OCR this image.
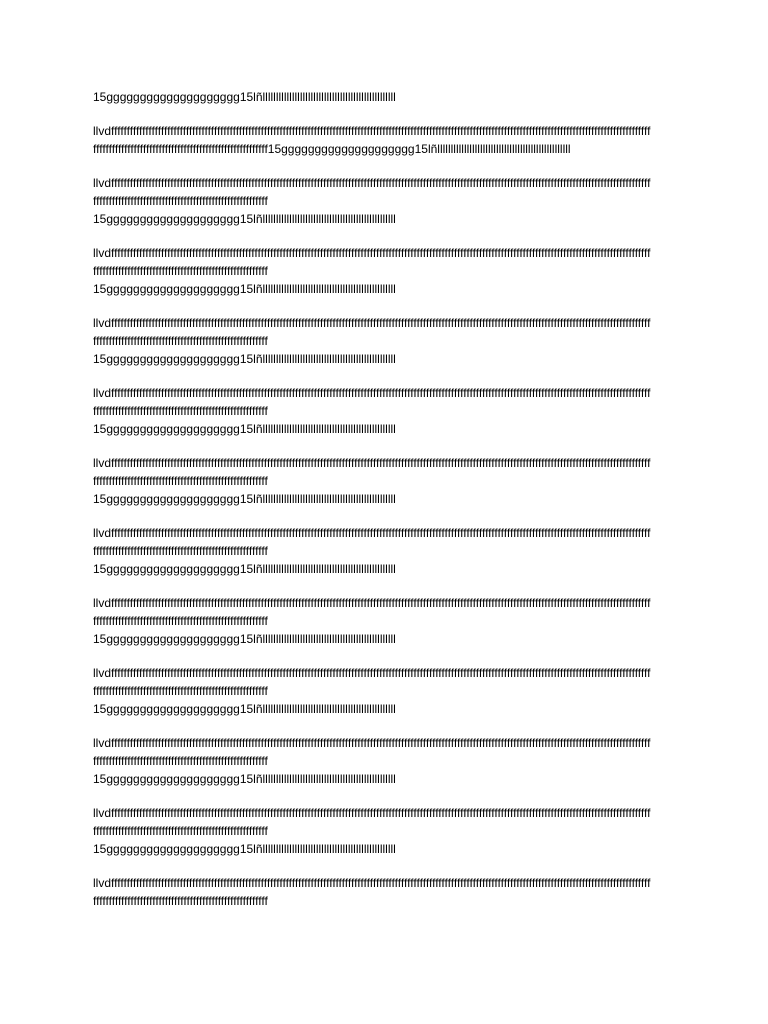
15gggggggggggggggggggg15lñllllllllllllllllllllllllllllllllllllllllllllllllll
llvdfffffffffffffffffffffffffffffffffffffffffffffffffffffffffffffffffffffffffffffffffffffffffffffffffffffffffffffffffffffffffffffffffffffffffffffffffffffffffffffffffffffffffffff
ffffffffffffffffffffffffffffffffffffffffffffffffffffffff15gggggggggggggggggggg15lñllllllllllllllllllllllllllllllllllllllllllllllllll
llvdfffffffffffffffffffffffffffffffffffffffffffffffffffffffffffffffffffffffffffffffffffffffffffffffffffffffffffffffffffffffffffffffffffffffffffffffffffffffffffffffffffffffffffff
ffffffffffffffffffffffffffffffffffffffffffffffffffffffff
15gggggggggggggggggggg15lñllllllllllllllllllllllllllllllllllllllllllllllllll
llvdfffffffffffffffffffffffffffffffffffffffffffffffffffffffffffffffffffffffffffffffffffffffffffffffffffffffffffffffffffffffffffffffffffffffffffffffffffffffffffffffffffffffffffff
ffffffffffffffffffffffffffffffffffffffffffffffffffffffff
15gggggggggggggggggggg15lñllllllllllllllllllllllllllllllllllllllllllllllllll
llvdfffffffffffffffffffffffffffffffffffffffffffffffffffffffffffffffffffffffffffffffffffffffffffffffffffffffffffffffffffffffffffffffffffffffffffffffffffffffffffffffffffffffffffff
ffffffffffffffffffffffffffffffffffffffffffffffffffffffff
15gggggggggggggggggggg15lñllllllllllllllllllllllllllllllllllllllllllllllllll
llvdfffffffffffffffffffffffffffffffffffffffffffffffffffffffffffffffffffffffffffffffffffffffffffffffffffffffffffffffffffffffffffffffffffffffffffffffffffffffffffffffffffffffffffff
ffffffffffffffffffffffffffffffffffffffffffffffffffffffff
15gggggggggggggggggggg15lñllllllllllllllllllllllllllllllllllllllllllllllllll
llvdfffffffffffffffffffffffffffffffffffffffffffffffffffffffffffffffffffffffffffffffffffffffffffffffffffffffffffffffffffffffffffffffffffffffffffffffffffffffffffffffffffffffffffff
ffffffffffffffffffffffffffffffffffffffffffffffffffffffff
15gggggggggggggggggggg15lñllllllllllllllllllllllllllllllllllllllllllllllllll
llvdfffffffffffffffffffffffffffffffffffffffffffffffffffffffffffffffffffffffffffffffffffffffffffffffffffffffffffffffffffffffffffffffffffffffffffffffffffffffffffffffffffffffffffff
ffffffffffffffffffffffffffffffffffffffffffffffffffffffff
15gggggggggggggggggggg15lñllllllllllllllllllllllllllllllllllllllllllllllllll
llvdfffffffffffffffffffffffffffffffffffffffffffffffffffffffffffffffffffffffffffffffffffffffffffffffffffffffffffffffffffffffffffffffffffffffffffffffffffffffffffffffffffffffffffff
ffffffffffffffffffffffffffffffffffffffffffffffffffffffff
15gggggggggggggggggggg15lñllllllllllllllllllllllllllllllllllllllllllllllllll
llvdfffffffffffffffffffffffffffffffffffffffffffffffffffffffffffffffffffffffffffffffffffffffffffffffffffffffffffffffffffffffffffffffffffffffffffffffffffffffffffffffffffffffffffff
ffffffffffffffffffffffffffffffffffffffffffffffffffffffff
15gggggggggggggggggggg15lñllllllllllllllllllllllllllllllllllllllllllllllllll
llvdfffffffffffffffffffffffffffffffffffffffffffffffffffffffffffffffffffffffffffffffffffffffffffffffffffffffffffffffffffffffffffffffffffffffffffffffffffffffffffffffffffffffffffff
ffffffffffffffffffffffffffffffffffffffffffffffffffffffff
15gggggggggggggggggggg15lñllllllllllllllllllllllllllllllllllllllllllllllllll
llvdfffffffffffffffffffffffffffffffffffffffffffffffffffffffffffffffffffffffffffffffffffffffffffffffffffffffffffffffffffffffffffffffffffffffffffffffffffffffffffffffffffffffffffff
ffffffffffffffffffffffffffffffffffffffffffffffffffffffff
15gggggggggggggggggggg15lñllllllllllllllllllllllllllllllllllllllllllllllllll
llvdfffffffffffffffffffffffffffffffffffffffffffffffffffffffffffffffffffffffffffffffffffffffffffffffffffffffffffffffffffffffffffffffffffffffffffffffffffffffffffffffffffffffffffff
ffffffffffffffffffffffffffffffffffffffffffffffffffffffff
